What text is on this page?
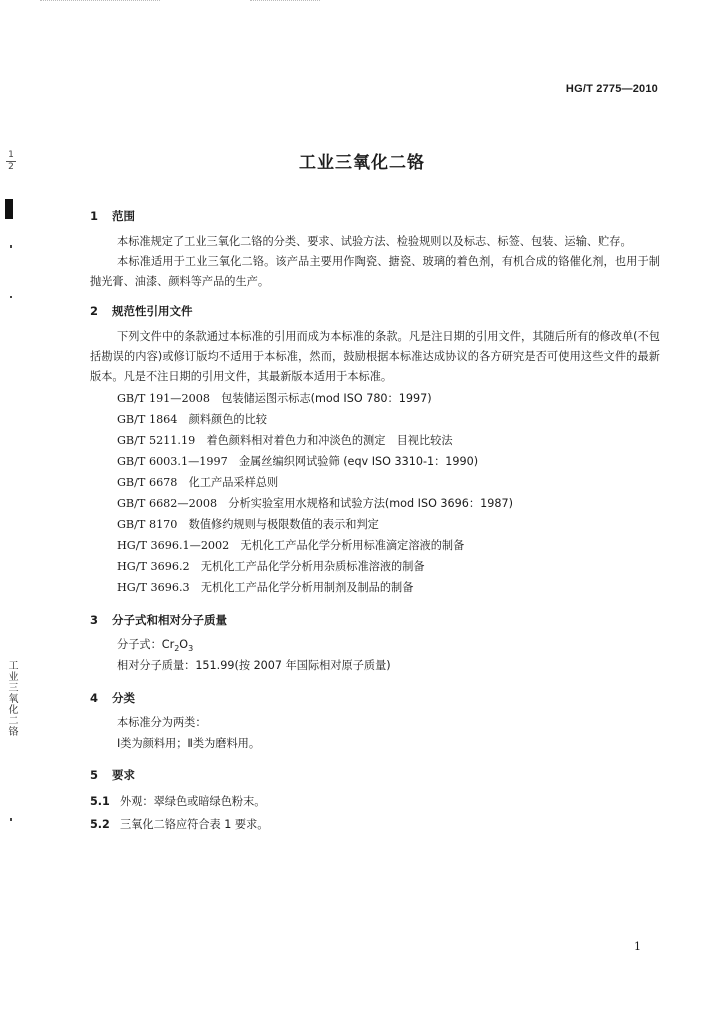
$\frac{1}{2}$
工业三氧化二铬
HG/T 2775—2010
工业三氧化二铬
1 范围
本标准规定了工业三氧化二铬的分类、要求、试验方法、检验规则以及标志、标签、包装、运输、贮存。
本标准适用于工业三氧化二铬。该产品主要用作陶瓷、搪瓷、玻璃的着色剂，有机合成的铬催化剂，也用于制抛光膏、油漆、颜料等产品的生产。
2 规范性引用文件
下列文件中的条款通过本标准的引用而成为本标准的条款。凡是注日期的引用文件，其随后所有的修改单(不包括勘误的内容)或修订版均不适用于本标准，然而，鼓励根据本标准达成协议的各方研究是否可使用这些文件的最新版本。凡是不注日期的引用文件，其最新版本适用于本标准。
GB/T 191—2008　 包装储运图示标志(mod ISO 780：1997)
GB/T 1864　 颜料颜色的比较
GB/T 5211.19　 着色颜料相对着色力和冲淡色的测定　目视比较法
GB/T 6003.1—1997　 金属丝编织网试验筛 (eqv ISO 3310-1：1990)
GB/T 6678　 化工产品采样总则
GB/T 6682—2008　 分析实验室用水规格和试验方法(mod ISO 3696：1987)
GB/T 8170　 数值修约规则与极限数值的表示和判定
HG/T 3696.1—2002　 无机化工产品化学分析用标准滴定溶液的制备
HG/T 3696.2　 无机化工产品化学分析用杂质标准溶液的制备
HG/T 3696.3　 无机化工产品化学分析用制剂及制品的制备
3 分子式和相对分子质量
分子式：$Cr_2O_3$
相对分子质量：151.99(按 2007 年国际相对原子质量)
4 分类
本标准分为两类：
Ⅰ类为颜料用；Ⅱ类为磨料用。
5 要求
5.1 外观：翠绿色或暗绿色粉末。
5.2 三氧化二铬应符合表 1 要求。
1
